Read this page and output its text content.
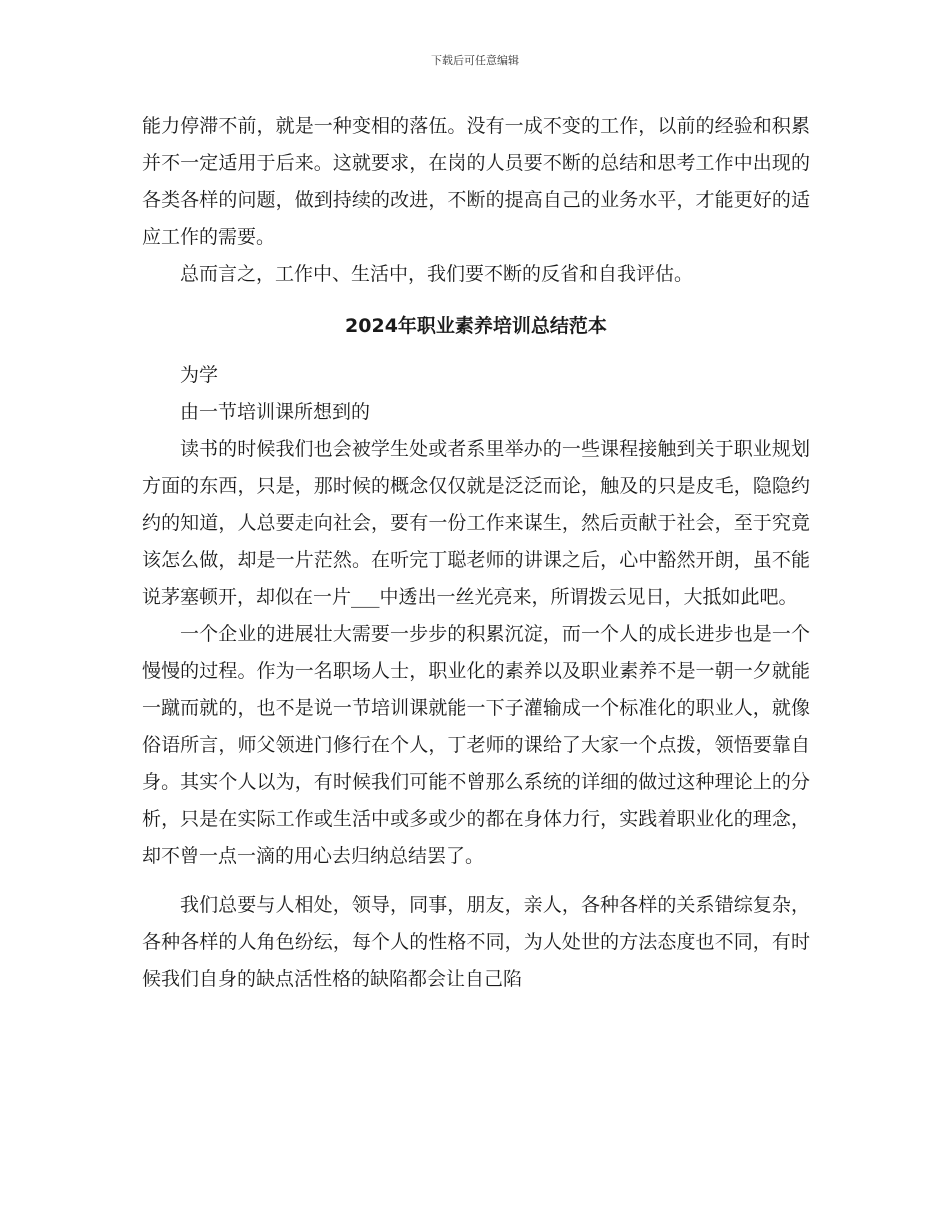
下载后可任意编辑

能力停滞不前，就是一种变相的落伍。没有一成不变的工作，以前的经验和积累并不一定适用于后来。这就要求，在岗的人员要不断的总结和思考工作中出现的各类各样的问题，做到持续的改进，不断的提高自己的业务水平，才能更好的适应工作的需要。

总而言之，工作中、生活中，我们要不断的反省和自我评估。

2024年职业素养培训总结范本

为学

由一节培训课所想到的

读书的时候我们也会被学生处或者系里举办的一些课程接触到关于职业规划方面的东西，只是，那时候的概念仅仅就是泛泛而论，触及的只是皮毛，隐隐约约的知道，人总要走向社会，要有一份工作来谋生，然后贡献于社会，至于究竟该怎么做，却是一片茫然。在听完丁聪老师的讲课之后，心中豁然开朗，虽不能说茅塞顿开，却似在一片___中透出一丝光亮来，所谓拨云见日，大抵如此吧。

一个企业的进展壮大需要一步步的积累沉淀，而一个人的成长进步也是一个慢慢的过程。作为一名职场人士，职业化的素养以及职业素养不是一朝一夕就能一蹴而就的，也不是说一节培训课就能一下子灌输成一个标准化的职业人，就像俗语所言，师父领进门修行在个人，丁老师的课给了大家一个点拨，领悟要靠自身。其实个人以为，有时候我们可能不曾那么系统的详细的做过这种理论上的分析，只是在实际工作或生活中或多或少的都在身体力行，实践着职业化的理念，却不曾一点一滴的用心去归纳总结罢了。

我们总要与人相处，领导，同事，朋友，亲人，各种各样的关系错综复杂，各种各样的人角色纷纭，每个人的性格不同，为人处世的方法态度也不同，有时候我们自身的缺点活性格的缺陷都会让自己陷
